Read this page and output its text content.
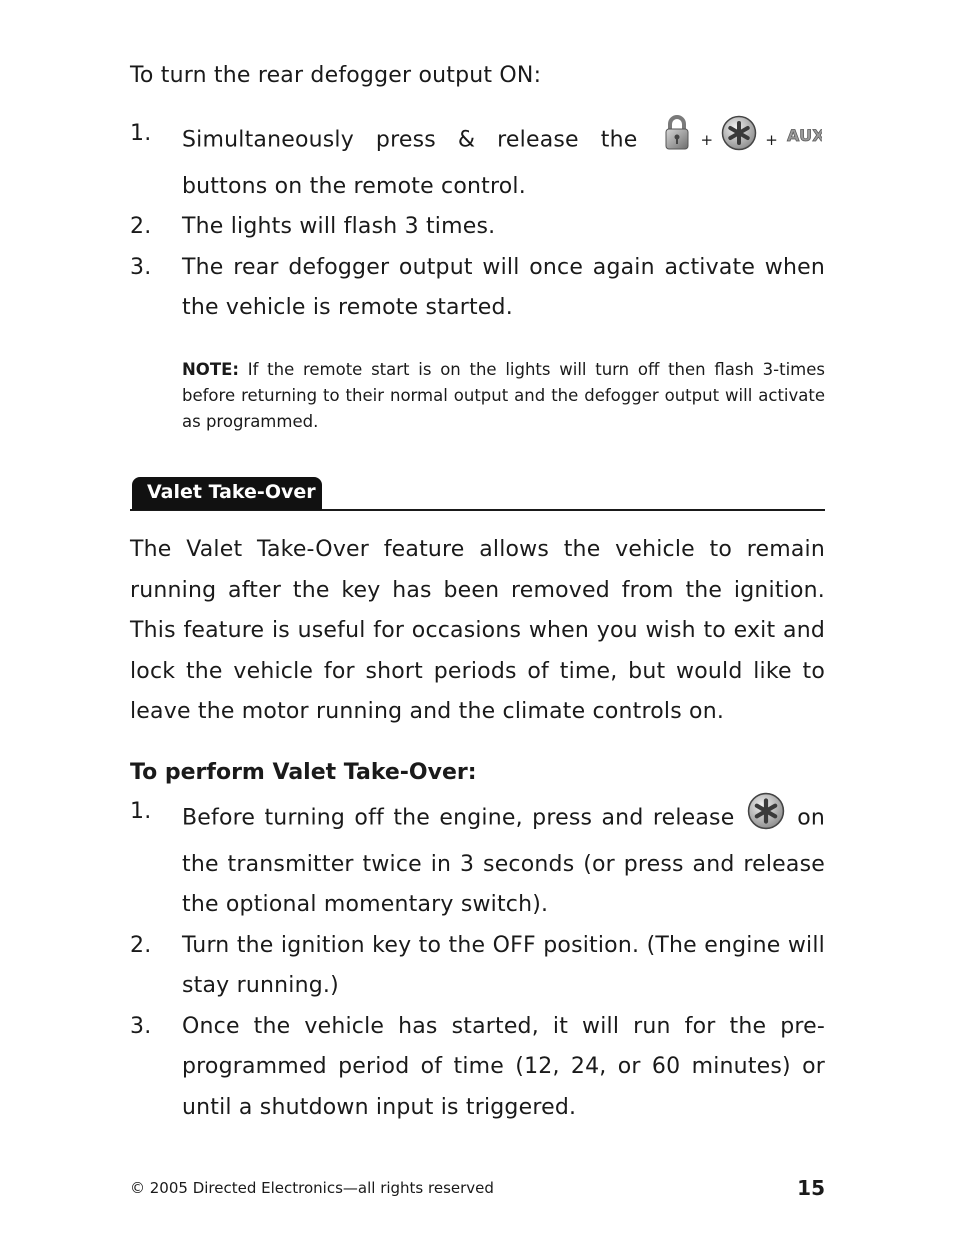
To turn the rear defogger output ON:
1. Simultaneously press & release the	+	+ AUX
buttons on the remote control.
2. The lights will flash 3 times.
3. The rear defogger output will once again activate when the vehicle is remote started.
NOTE: If the remote start is on the lights will turn off then flash 3-times before returning to their normal output and the defogger output will activate as programmed.
Valet Take-Over
The Valet Take-Over feature allows the vehicle to remain running after the key has been removed from the ignition. This feature is useful for occasions when you wish to exit and lock the vehicle for short periods of time, but would like to leave the motor running and the climate controls on.
To perform Valet Take-Over:
1. Before turning off the engine, press and release	on the transmitter twice in 3 seconds (or press and release the optional momentary switch).
2. Turn the ignition key to the OFF position. (The engine will stay running.)
3. Once the vehicle has started, it will run for the pre-programmed period of time (12, 24, or 60 minutes) or until a shutdown input is triggered.
© 2005 Directed Electronics—all rights reserved	15
